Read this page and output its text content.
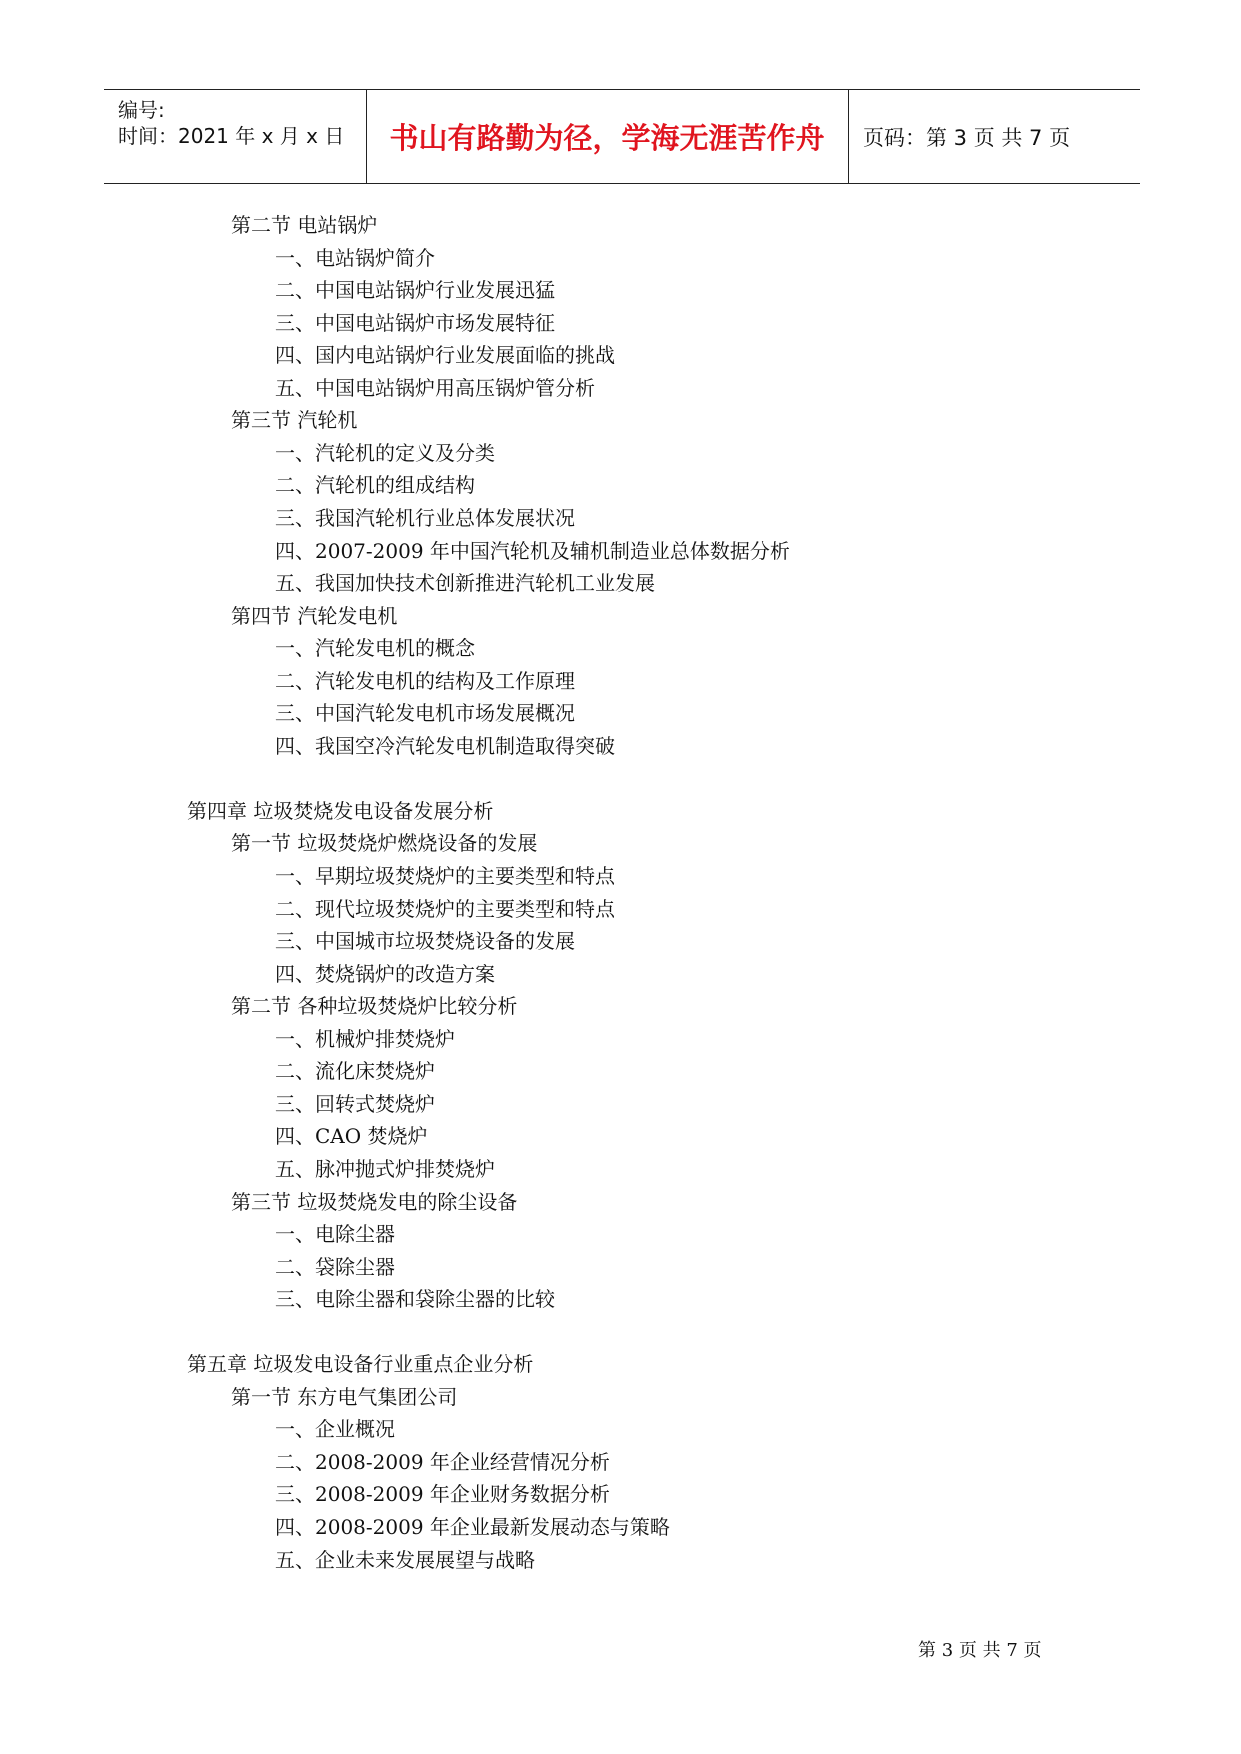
编号:
时间：2021 年 x 月 x 日	书山有路勤为径，学海无涯苦作舟	页码：第 3 页 共 7 页
第二节 电站锅炉
一、电站锅炉简介
二、中国电站锅炉行业发展迅猛
三、中国电站锅炉市场发展特征
四、国内电站锅炉行业发展面临的挑战
五、中国电站锅炉用高压锅炉管分析
第三节 汽轮机
一、汽轮机的定义及分类
二、汽轮机的组成结构
三、我国汽轮机行业总体发展状况
四、2007-2009 年中国汽轮机及辅机制造业总体数据分析
五、我国加快技术创新推进汽轮机工业发展
第四节 汽轮发电机
一、汽轮发电机的概念
二、汽轮发电机的结构及工作原理
三、中国汽轮发电机市场发展概况
四、我国空冷汽轮发电机制造取得突破
第四章 垃圾焚烧发电设备发展分析
第一节 垃圾焚烧炉燃烧设备的发展
一、早期垃圾焚烧炉的主要类型和特点
二、现代垃圾焚烧炉的主要类型和特点
三、中国城市垃圾焚烧设备的发展
四、焚烧锅炉的改造方案
第二节 各种垃圾焚烧炉比较分析
一、机械炉排焚烧炉
二、流化床焚烧炉
三、回转式焚烧炉
四、CAO 焚烧炉
五、脉冲抛式炉排焚烧炉
第三节 垃圾焚烧发电的除尘设备
一、电除尘器
二、袋除尘器
三、电除尘器和袋除尘器的比较
第五章 垃圾发电设备行业重点企业分析
第一节 东方电气集团公司
一、企业概况
二、2008-2009 年企业经营情况分析
三、2008-2009 年企业财务数据分析
四、2008-2009 年企业最新发展动态与策略
五、企业未来发展展望与战略
第 3 页 共 7 页
